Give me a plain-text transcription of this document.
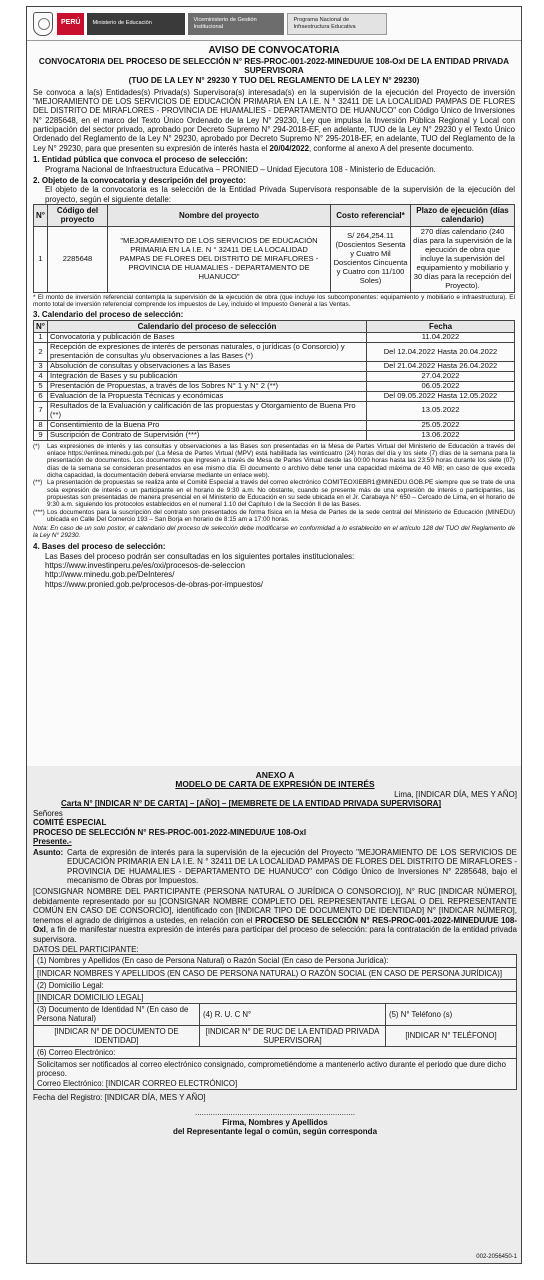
PERÚ	Ministerio de Educación
Viceministerio de Gestión Institucional
Programa Nacional de Infraestructura Educativa
AVISO DE CONVOCATORIA
CONVOCATORIA DEL PROCESO DE SELECCIÓN N° RES-PROC-001-2022-MINEDU/UE 108-OxI DE LA ENTIDAD PRIVADA SUPERVISORA
(TUO DE LA LEY N° 29230 Y TUO DEL REGLAMENTO DE LA LEY N° 29230)

Se convoca a la(s) Entidades(s) Privada(s) Supervisora(s) interesada(s) en la supervisión de la ejecución del Proyecto de inversión "MEJORAMIENTO DE LOS SERVICIOS DE EDUCACIÓN PRIMARIA EN LA I.E. N ° 32411 DE LA LOCALIDAD PAMPAS DE FLORES DEL DISTRITO DE MIRAFLORES - PROVINCIA DE HUAMALIES - DEPARTAMENTO DE HUANUCO" con Código Único de Inversiones N° 2285648, en el marco del Texto Único Ordenado de la Ley N° 29230, Ley que impulsa la Inversión Pública Regional y Local con participación del sector privado, aprobado por Decreto Supremo N° 294-2018-EF, en adelante, TUO de la Ley N° 29230 y el Texto Único Ordenado del Reglamento de la Ley N° 29230, aprobado por Decreto Supremo N° 295-2018-EF, en adelante, TUO del Reglamento de la Ley N° 29230, para que presenten su expresión de interés hasta el 20/04/2022, conforme al anexo A del presente documento.

1. Entidad pública que convoca el proceso de selección:

Programa Nacional de Infraestructura Educativa – PRONIED – Unidad Ejecutora 108 - Ministerio de Educación.

2. Objeto de la convocatoria y descripción del proyecto:

El objeto de la convocatoria es la selección de la Entidad Privada Supervisora responsable de la supervisión de la ejecución del proyecto, según el siguiente detalle:

N°	Código del proyecto	Nombre del proyecto	Costo referencial*	Plazo de ejecución (días calendario)
1	2285648	"MEJORAMIENTO DE LOS SERVICIOS DE EDUCACIÓN PRIMARIA EN LA I.E. N ° 32411 DE LA LOCALIDAD PAMPAS DE FLORES DEL DISTRITO DE MIRAFLORES - PROVINCIA DE HUAMALIES - DEPARTAMENTO DE HUANUCO"	S/ 264,254.11 (Doscientos Sesenta y Cuatro Mil Doscientos Cincuenta y Cuatro con 11/100 Soles)	270 días calendario (240 días para la supervisión de la ejecución de obra que incluye la supervisión del equipamiento y mobiliario y 30 días para la recepción del Proyecto).
* El monto de inversión referencial contempla la supervisión de la ejecución de obra (que incluye los subcomponentes: equipamiento y mobiliario e infraestructura). El monto total de inversión referencial comprende los impuestos de Ley, incluido el Impuesto General a las Ventas.
3. Calendario del proceso de selección:
N°	Calendario del proceso de selección	Fecha
1	Convocatoria y publicación de Bases	11.04.2022
2	Recepción de expresiones de interés de personas naturales, o jurídicas (o Consorcio) y presentación de consultas y/u observaciones a las Bases (*)	Del 12.04.2022 Hasta 20.04.2022
3	Absolución de consultas y observaciones a las Bases	Del 21.04.2022 Hasta 26.04.2022
4	Integración de Bases y su publicación	27.04.2022
5	Presentación de Propuestas, a través de los Sobres N° 1 y N° 2 (**)	06.05.2022
6	Evaluación de la Propuesta Técnicas y económicas	Del 09.05.2022 Hasta 12.05.2022
7	Resultados de la Evaluación y calificación de las propuestas y Otorgamiento de Buena Pro (**)	13.05.2022
8	Consentimiento de la Buena Pro	25.05.2022
9	Suscripción de Contrato de Supervisión (***)	13.06.2022
(*)	Las expresiones de interés y las consultas y observaciones a las Bases son presentadas en la Mesa de Partes Virtual del Ministerio de Educación a través del enlace https://enlinea.minedu.gob.pe/ (La Mesa de Partes Virtual (MPV) está habilitada las veinticuatro (24) horas del día y los siete (7) días de la semana para la presentación de documentos. Los documentos que ingresen a través de Mesa de Partes Virtual desde las 00:00 horas hasta las 23:59 horas durante los siete (07) días de la semana se consideran presentados en ese mismo día. El documento o archivo debe tener una capacidad máxima de 40 MB; en caso de que exceda dicha capacidad, la documentación deberá enviarse mediante un enlace web).
(**) La presentación de propuestas se realiza ante el Comité Especial a través del correo electrónico COMITEOXIEBR1@MINEDU.GOB.PE siempre que se trate de una sola expresión de interés o un participante en el horario de 9:30 a.m. No obstante, cuando se presente más de una expresión de interés o participantes, las propuestas son presentadas de manera presencial en el Ministerio de Educación en su sede ubicada en el Jr. Carabaya N° 650 – Cercado de Lima, en el horario de 9:30 a.m. siguiendo los protocolos establecidos en el numeral 1.10 del Capítulo I de la Sección II de las Bases.
(***) Los documentos para la suscripción del contrato son presentados de forma física en la Mesa de Partes de la sede central del Ministerio de Educación (MINEDU) ubicada en Calle Del Comercio 193 – San Borja en horario de 8:15 am a 17:00 horas.
Nota: En caso de un solo postor, el calendario del proceso de selección debe modificarse en conformidad a lo establecido en el artículo 128 del TUO del Reglamento de la Ley N° 29230.
4. Bases del proceso de selección:

Las Bases del proceso podrán ser consultadas en los siguientes portales institucionales:

https://www.investinperu.pe/es/oxi/procesos-de-seleccion
http://www.minedu.gob.pe/DeInteres/
https://www.pronied.gob.pe/procesos-de-obras-por-impuestos/
ANEXO A
MODELO DE CARTA DE EXPRESIÓN DE INTERÉS
Lima, [INDICAR DÍA, MES Y AÑO]
Carta N° [INDICAR N° DE CARTA] – [AÑO] – [MEMBRETE DE LA ENTIDAD PRIVADA SUPERVISORA]
Señores
COMITÉ ESPECIAL
PROCESO DE SELECCIÓN N° RES-PROC-001-2022-MINEDU/UE 108-OxI
Presente.-
Asunto: Carta de expresión de interés para la supervisión de la ejecución del Proyecto "MEJORAMIENTO DE LOS SERVICIOS DE EDUCACIÓN PRIMARIA EN LA I.E. N ° 32411 DE LA LOCALIDAD PAMPAS DE FLORES DEL DISTRITO DE MIRAFLORES - PROVINCIA DE HUAMALIES - DEPARTAMENTO DE HUANUCO" con Código Único de Inversiones N° 2285648, bajo el mecanismo de Obras por Impuestos.

[CONSIGNAR NOMBRE DEL PARTICIPANTE (PERSONA NATURAL O JURÍDICA O CONSORCIO)], N° RUC [INDICAR NÚMERO], debidamente representado por su [CONSIGNAR NOMBRE COMPLETO DEL REPRESENTANTE LEGAL O DEL REPRESENTANTE COMÚN EN CASO DE CONSORCIO], identificado con [INDICAR TIPO DE DOCUMENTO DE IDENTIDAD] N° [INDICAR NÚMERO], tenemos el agrado de dirigirnos a ustedes, en relación con el PROCESO DE SELECCIÓN N° RES-PROC-001-2022-MINEDU/UE 108-OxI, a fin de manifestar nuestra expresión de interés para participar del proceso de selección: para la contratación de la entidad privada supervisora.

DATOS DEL PARTICIPANTE:
(1) Nombres y Apellidos (En caso de Persona Natural) o Razón Social (En caso de Persona Jurídica):		
[INDICAR NOMBRES Y APELLIDOS (EN CASO DE PERSONA NATURAL) O RAZÓN SOCIAL (EN CASO DE PERSONA JURÍDICA)]		
(2) Domicilio Legal:		
[INDICAR DOMICILIO LEGAL]		
(3) Documento de Identidad N° (En caso de Persona Natural)	(4) R. U. C N°	(5) N° Teléfono (s)
[INDICAR N° DE DOCUMENTO DE IDENTIDAD]	[INDICAR N° DE RUC DE LA ENTIDAD PRIVADA SUPERVISORA]	[INDICAR N° TELÉFONO]
(6) Correo Electrónico:		

Solicitamos ser notificados al correo electrónico consignado, comprometiéndome a mantenerlo activo durante el periodo que dure dicho proceso.
Correo Electrónico: [INDICAR CORREO ELECTRÓNICO]		
Fecha del Registro: [INDICAR DÍA, MES Y AÑO]
........................................................................
Firma, Nombres y Apellidos
del Representante legal o común, según corresponda
002-2056450-1
